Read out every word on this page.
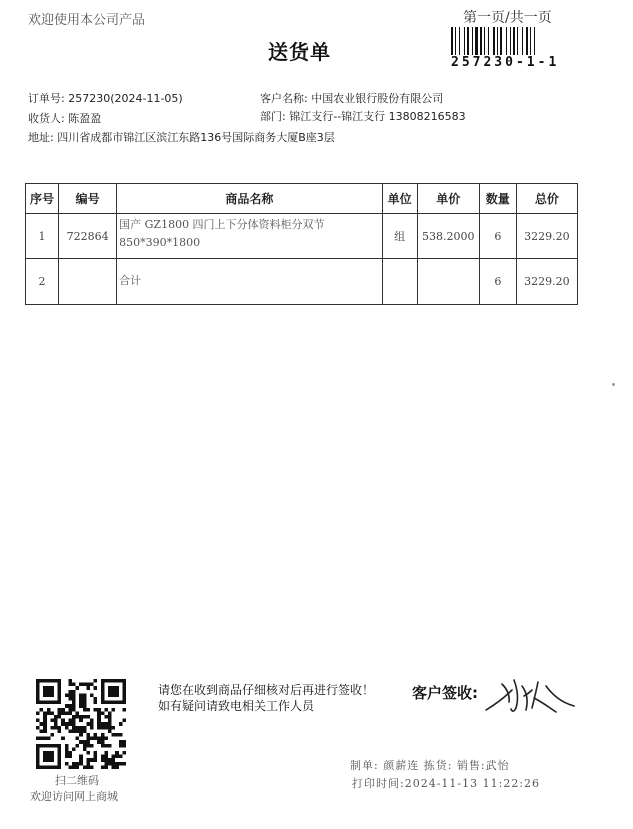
欢迎使用本公司产品	第一页/共一页
送货单	257230-1-1
订单号: 257230(2024-11-05)	客户名称: 中国农业银行股份有限公司
收货人: 陈盈盈	部门: 锦江支行--锦江支行 13808216583
地址: 四川省成都市锦江区滨江东路136号国际商务大厦B座3层
序号	编号	商品名称	单位	单价	数量	总价
1	722864	国产 GZ1800 四门上下分体资料柜分双节
850*390*1800	组	538.2000	6	3229.20
2		合计			6	3229.20
扫二维码
欢迎访问网上商城
请您在收到商品仔细核对后再进行签收！如有疑问请致电相关工作人员
客户签收:
制单: 颜薪连 拣货: 销售:武怡
打印时间:2024-11-13 11:22:26
